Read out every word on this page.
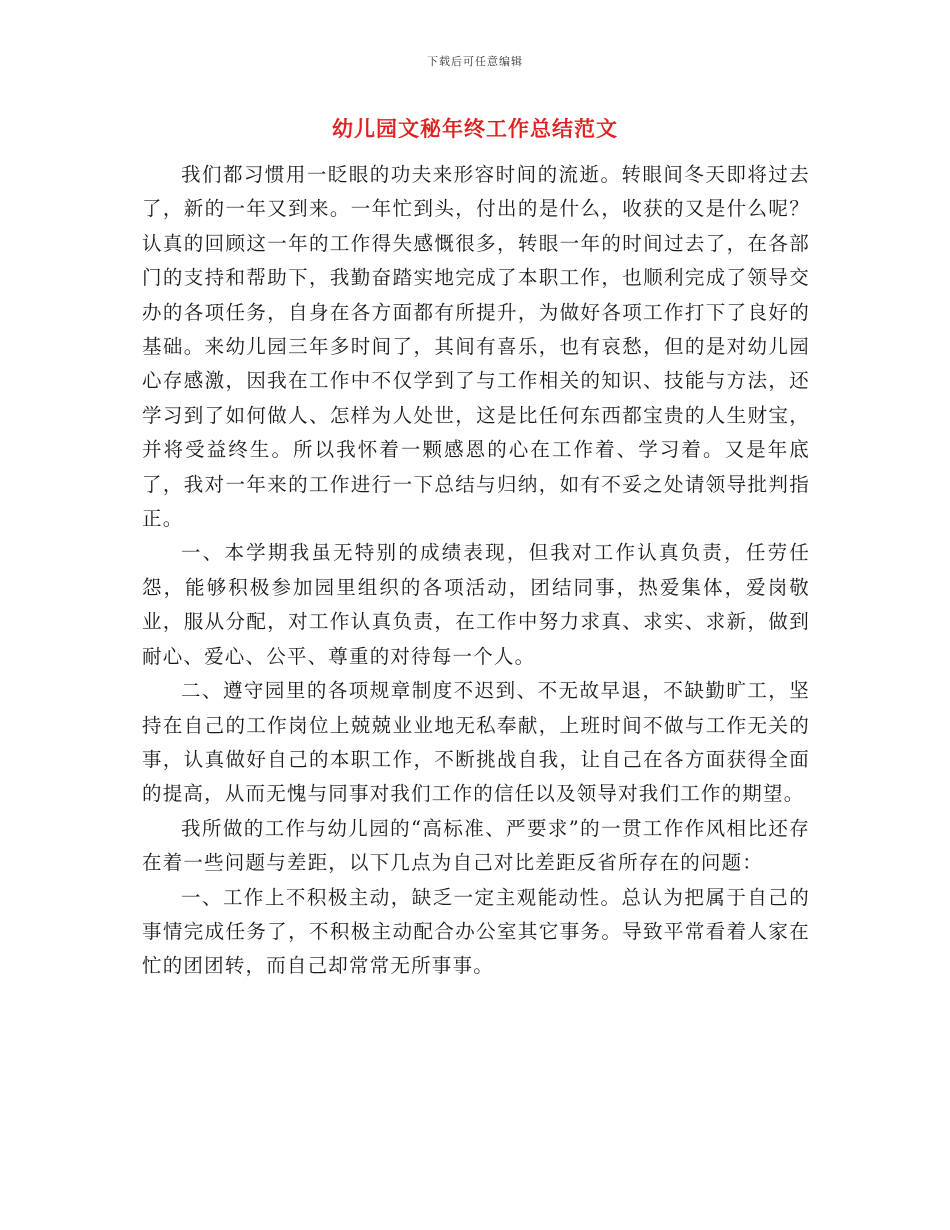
下载后可任意编辑
幼儿园文秘年终工作总结范文

我们都习惯用一眨眼的功夫来形容时间的流逝。转眼间冬天即将过去了，新的一年又到来。一年忙到头，付出的是什么，收获的又是什么呢？认真的回顾这一年的工作得失感慨很多，转眼一年的时间过去了，在各部门的支持和帮助下，我勤奋踏实地完成了本职工作，也顺利完成了领导交办的各项任务，自身在各方面都有所提升，为做好各项工作打下了良好的基础。来幼儿园三年多时间了，其间有喜乐，也有哀愁，但的是对幼儿园心存感激，因我在工作中不仅学到了与工作相关的知识、技能与方法，还学习到了如何做人、怎样为人处世，这是比任何东西都宝贵的人生财宝，并将受益终生。所以我怀着一颗感恩的心在工作着、学习着。又是年底了，我对一年来的工作进行一下总结与归纳，如有不妥之处请领导批判指正。

一、本学期我虽无特别的成绩表现，但我对工作认真负责，任劳任怨，能够积极参加园里组织的各项活动，团结同事，热爱集体，爱岗敬业，服从分配，对工作认真负责，在工作中努力求真、求实、求新，做到耐心、爱心、公平、尊重的对待每一个人。

二、遵守园里的各项规章制度不迟到、不无故早退，不缺勤旷工，坚持在自己的工作岗位上兢兢业业地无私奉献，上班时间不做与工作无关的事，认真做好自己的本职工作，不断挑战自我，让自己在各方面获得全面的提高，从而无愧与同事对我们工作的信任以及领导对我们工作的期望。

我所做的工作与幼儿园的“高标准、严要求”的一贯工作作风相比还存在着一些问题与差距，以下几点为自己对比差距反省所存在的问题：

一、工作上不积极主动，缺乏一定主观能动性。总认为把属于自己的事情完成任务了，不积极主动配合办公室其它事务。导致平常看着人家在忙的团团转，而自己却常常无所事事。
